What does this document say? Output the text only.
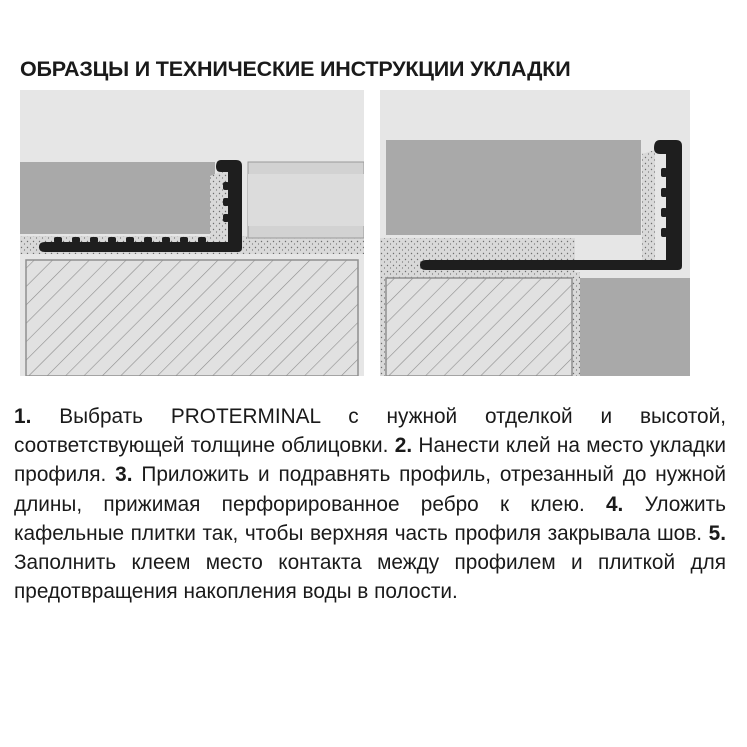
ОБРАЗЦЫ И ТЕХНИЧЕСКИЕ ИНСТРУКЦИИ УКЛАДКИ
1. Выбрать PROTERMINAL с нужной отделкой и высотой, соответствующей толщине облицовки. 2. Нанести клей на место укладки профиля. 3. Приложить и подравнять профиль, отрезанный до нужной длины, прижимая перфорированное ребро к клею. 4. Уложить кафельные плитки так, чтобы верхняя часть профиля закрывала шов. 5. Заполнить клеем место контакта между профилем и плиткой для предотвращения накопления воды в полости.
